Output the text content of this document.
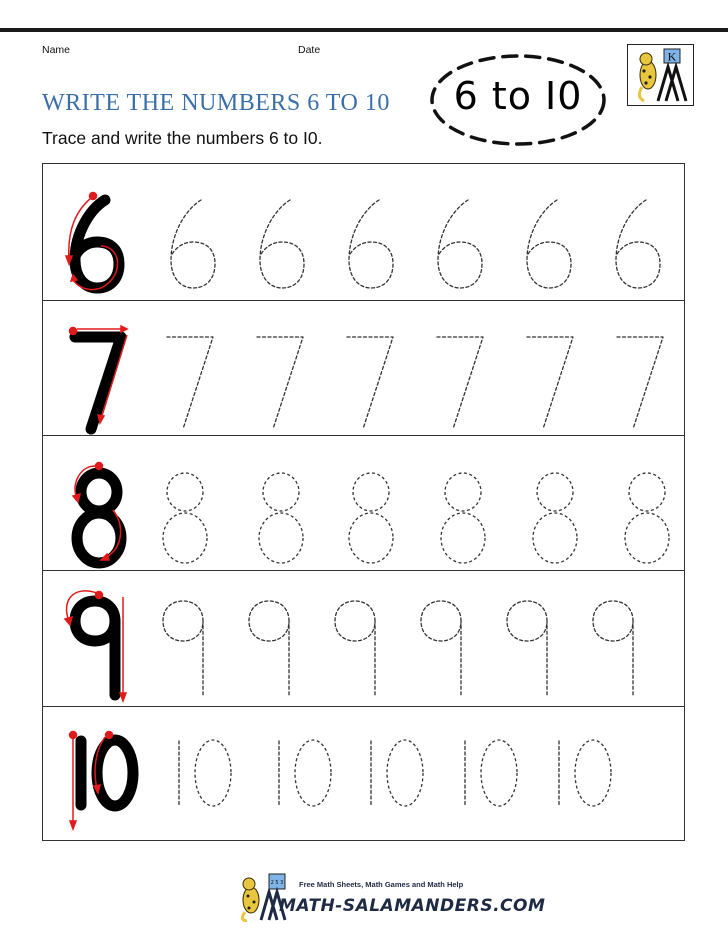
Name	Date
WRITE THE NUMBERS 6 TO 10
Trace and write the numbers 6 to I0.
6 to I0
K
2 5 3 Free Math Sheets, Math Games and Math Help
MATH-SALAMANDERS.COM
